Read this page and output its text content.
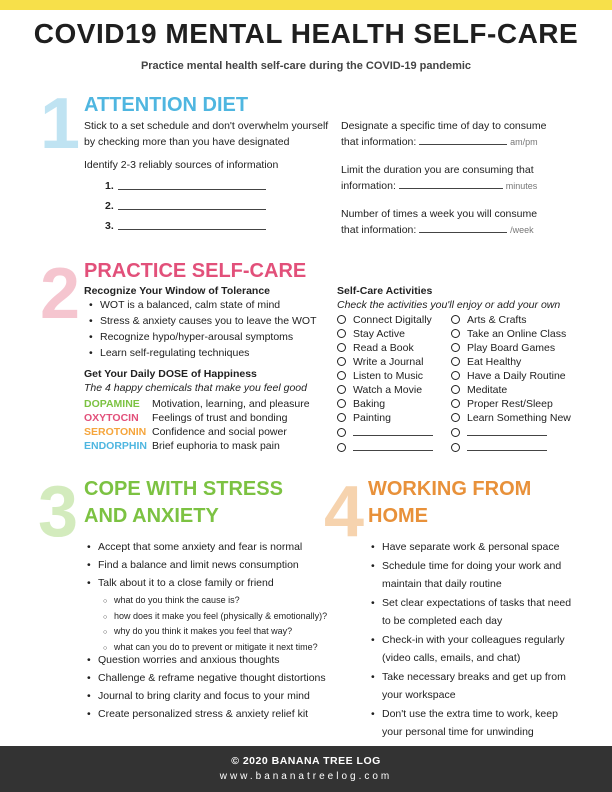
COVID19 MENTAL HEALTH SELF-CARE
Practice mental health self-care during the COVID-19 pandemic
1 ATTENTION DIET
Stick to a set schedule and don't overwhelm yourself by checking more than you have designated
Identify 2-3 reliably sources of information
1.
2.
3.
Designate a specific time of day to consume
that information:	am/pm
Limit the duration you are consuming that
information:	minutes
Number of times a week you will consume
that information:	/week
2 PRACTICE SELF-CARE
Recognize Your Window of Tolerance
• WOT is a balanced, calm state of mind
• Stress & anxiety causes you to leave the WOT
• Recognize hypo/hyper-arousal symptoms
• Learn self-regulating techniques
Get Your Daily DOSE of Happiness
The 4 happy chemicals that make you feel good
DOPAMINE Motivation, learning, and pleasure
OXYTOCIN Feelings of trust and bonding
SEROTONIN Confidence and social power
ENDORPHIN Brief euphoria to mask pain
Self-Care Activities
Check the activities you'll enjoy or add your own
Connect Digitally
Stay Active
Read a Book
Write a Journal
Listen to Music
Watch a Movie
Baking
Painting
Arts & Crafts
Take an Online Class
Play Board Games
Eat Healthy
Have a Daily Routine
Meditate
Proper Rest/Sleep
Learn Something New
3 COPE WITH STRESS
AND ANXIETY
• Accept that some anxiety and fear is normal
• Find a balance and limit news consumption
• Talk about it to a close family or friend
○ what do you think the cause is?
○ how does it make you feel (physically & emotionally)?
○ why do you think it makes you feel that way?
○ what can you do to prevent or mitigate it next time?
• Question worries and anxious thoughts
• Challenge & reframe negative thought distortions
• Journal to bring clarity and focus to your mind
• Create personalized stress & anxiety relief kit
4 WORKING FROM
HOME
• Have separate work & personal space
• Schedule time for doing your work and maintain that daily routine
• Set clear expectations of tasks that need to be completed each day
• Check-in with your colleagues regularly (video calls, emails, and chat)
• Take necessary breaks and get up from your workspace
• Don't use the extra time to work, keep your personal time for unwinding
© 2020 BANANA TREE LOG
www.bananatreelog.com
